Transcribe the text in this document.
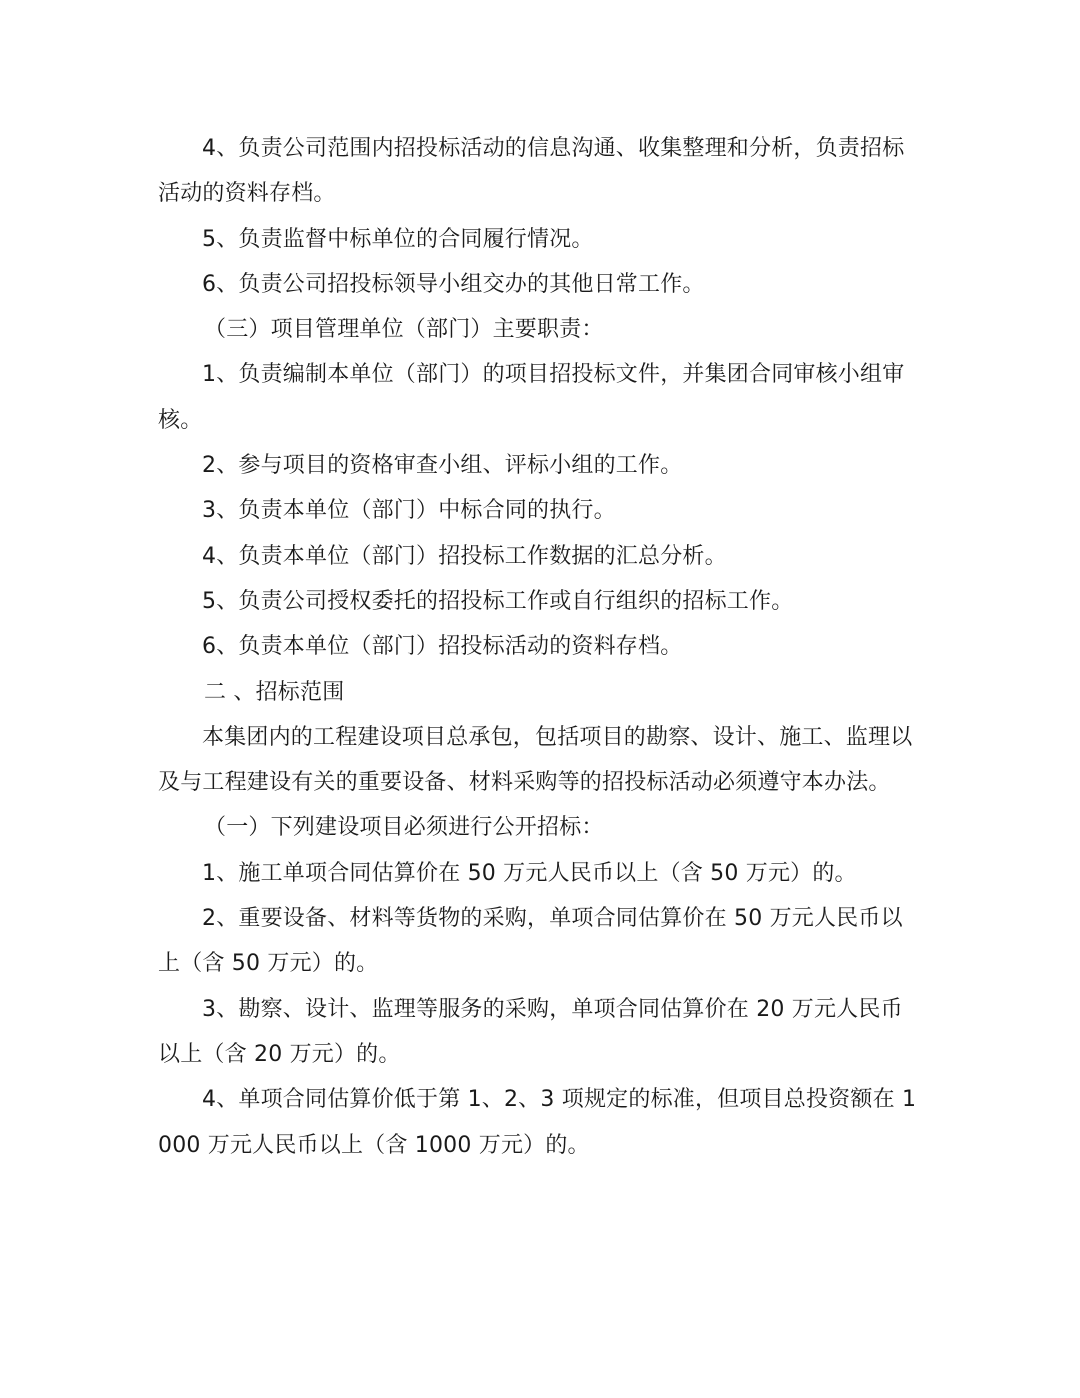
4、负责公司范围内招投标活动的信息沟通、收集整理和分析，负责招标活动的资料存档。

5、负责监督中标单位的合同履行情况。

6、负责公司招投标领导小组交办的其他日常工作。

（三）项目管理单位（部门）主要职责：

1、负责编制本单位（部门）的项目招投标文件，并集团合同审核小组审核。

2、参与项目的资格审查小组、评标小组的工作。

3、负责本单位（部门）中标合同的执行。

4、负责本单位（部门）招投标工作数据的汇总分析。

5、负责公司授权委托的招投标工作或自行组织的招标工作。

6、负责本单位（部门）招投标活动的资料存档。

二 、招标范围

本集团内的工程建设项目总承包，包括项目的勘察、设计、施工、监理以及与工程建设有关的重要设备、材料采购等的招投标活动必须遵守本办法。

（一）下列建设项目必须进行公开招标：

1、施工单项合同估算价在 50 万元人民币以上（含 50 万元）的。

2、重要设备、材料等货物的采购，单项合同估算价在 50 万元人民币以上（含 50 万元）的。

3、勘察、设计、监理等服务的采购，单项合同估算价在 20 万元人民币以上（含 20 万元）的。

4、单项合同估算价低于第 1、2、3 项规定的标准，但项目总投资额在 1000 万元人民币以上（含 1000 万元）的。
